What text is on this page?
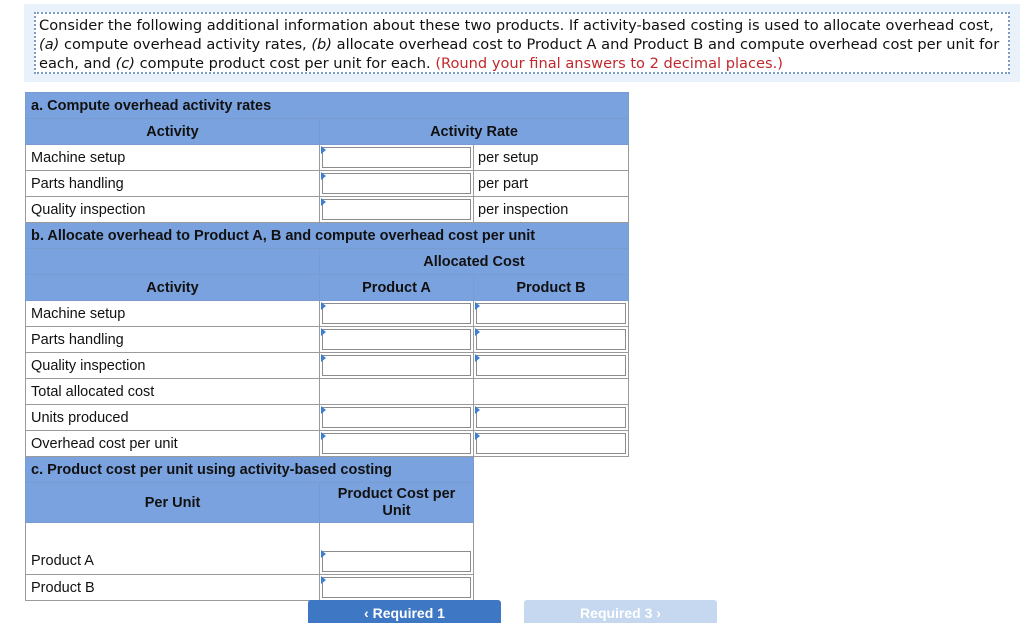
Consider the following additional information about these two products. If activity-based costing is used to allocate overhead cost, (a) compute overhead activity rates, (b) allocate overhead cost to Product A and Product B and compute overhead cost per unit for each, and (c) compute product cost per unit for each. (Round your final answers to 2 decimal places.)
a. Compute overhead activity rates		
Activity	Activity Rate	
Machine setup		per setup
Parts handling		per part
Quality inspection		per inspection
b. Allocate overhead to Product A, B and compute overhead cost per unit		
	Allocated Cost	
Activity	Product A	Product B
Machine setup	

Parts handling	

Quality inspection	

Total allocated cost		
Units produced	

Overhead cost per unit	

c. Product cost per unit using activity-based costing		
Per Unit	Product Cost per
Unit	

Product A	

Product B	

‹ Required 1	Required 3 ›
